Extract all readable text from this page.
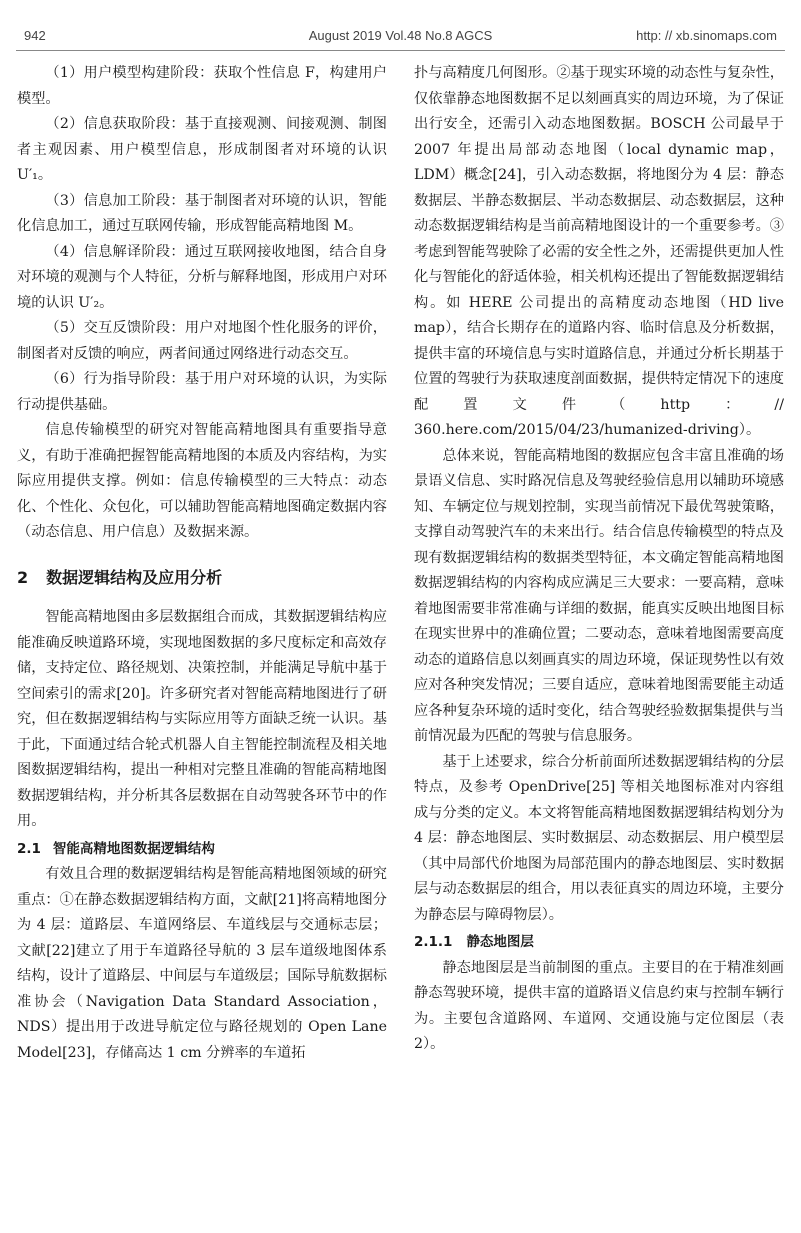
942	August 2019 Vol.48 No.8 AGCS	http: // xb.sinomaps.com

（1）用户模型构建阶段：获取个性信息 F，构建用户模型。

（2）信息获取阶段：基于直接观测、间接观测、制图者主观因素、用户模型信息，形成制图者对环境的认识 U′₁。

（3）信息加工阶段：基于制图者对环境的认识，智能化信息加工，通过互联网传输，形成智能高精地图 M。

（4）信息解译阶段：通过互联网接收地图，结合自身对环境的观测与个人特征，分析与解释地图，形成用户对环境的认识 U′₂。

（5）交互反馈阶段：用户对地图个性化服务的评价，制图者对反馈的响应，两者间通过网络进行动态交互。

（6）行为指导阶段：基于用户对环境的认识，为实际行动提供基础。

信息传输模型的研究对智能高精地图具有重要指导意义，有助于准确把握智能高精地图的本质及内容结构，为实际应用提供支撑。例如：信息传输模型的三大特点：动态化、个性化、众包化，可以辅助智能高精地图确定数据内容（动态信息、用户信息）及数据来源。

2 数据逻辑结构及应用分析

智能高精地图由多层数据组合而成，其数据逻辑结构应能准确反映道路环境，实现地图数据的多尺度标定和高效存储，支持定位、路径规划、决策控制，并能满足导航中基于空间索引的需求[20]。许多研究者对智能高精地图进行了研究，但在数据逻辑结构与实际应用等方面缺乏统一认识。基于此，下面通过结合轮式机器人自主智能控制流程及相关地图数据逻辑结构，提出一种相对完整且准确的智能高精地图数据逻辑结构，并分析其各层数据在自动驾驶各环节中的作用。

2.1 智能高精地图数据逻辑结构

有效且合理的数据逻辑结构是智能高精地图领域的研究重点：①在静态数据逻辑结构方面，文献[21]将高精地图分为 4 层：道路层、车道网络层、车道线层与交通标志层；文献[22]建立了用于车道路径导航的 3 层车道级地图体系结构，设计了道路层、中间层与车道级层；国际导航数据标准协会（Navigation Data Standard Association，NDS）提出用于改进导航定位与路径规划的 Open Lane Model[23]，存储高达 1 cm 分辨率的车道拓

扑与高精度几何图形。②基于现实环境的动态性与复杂性，仅依靠静态地图数据不足以刻画真实的周边环境，为了保证出行安全，还需引入动态地图数据。BOSCH 公司最早于 2007 年提出局部动态地图（local dynamic map，LDM）概念[24]，引入动态数据，将地图分为 4 层：静态数据层、半静态数据层、半动态数据层、动态数据层，这种动态数据逻辑结构是当前高精地图设计的一个重要参考。③考虑到智能驾驶除了必需的安全性之外，还需提供更加人性化与智能化的舒适体验，相关机构还提出了智能数据逻辑结构。如 HERE 公司提出的高精度动态地图（HD live map），结合长期存在的道路内容、临时信息及分析数据，提供丰富的环境信息与实时道路信息，并通过分析长期基于位置的驾驶行为获取速度剖面数据，提供特定情况下的速度配置文件（http：// 360.here.com/2015/04/23/humanized-driving）。

总体来说，智能高精地图的数据应包含丰富且准确的场景语义信息、实时路况信息及驾驶经验信息用以辅助环境感知、车辆定位与规划控制，实现当前情况下最优驾驶策略，支撑自动驾驶汽车的未来出行。结合信息传输模型的特点及现有数据逻辑结构的数据类型特征，本文确定智能高精地图数据逻辑结构的内容构成应满足三大要求：一要高精，意味着地图需要非常准确与详细的数据，能真实反映出地图目标在现实世界中的准确位置；二要动态，意味着地图需要高度动态的道路信息以刻画真实的周边环境，保证现势性以有效应对各种突发情况；三要自适应，意味着地图需要能主动适应各种复杂环境的适时变化，结合驾驶经验数据集提供与当前情况最为匹配的驾驶与信息服务。

基于上述要求，综合分析前面所述数据逻辑结构的分层特点，及参考 OpenDrive[25] 等相关地图标准对内容组成与分类的定义。本文将智能高精地图数据逻辑结构划分为 4 层：静态地图层、实时数据层、动态数据层、用户模型层（其中局部代价地图为局部范围内的静态地图层、实时数据层与动态数据层的组合，用以表征真实的周边环境，主要分为静态层与障碍物层）。

2.1.1 静态地图层

静态地图层是当前制图的重点。主要目的在于精准刻画静态驾驶环境，提供丰富的道路语义信息约束与控制车辆行为。主要包含道路网、车道网、交通设施与定位图层（表 2）。
